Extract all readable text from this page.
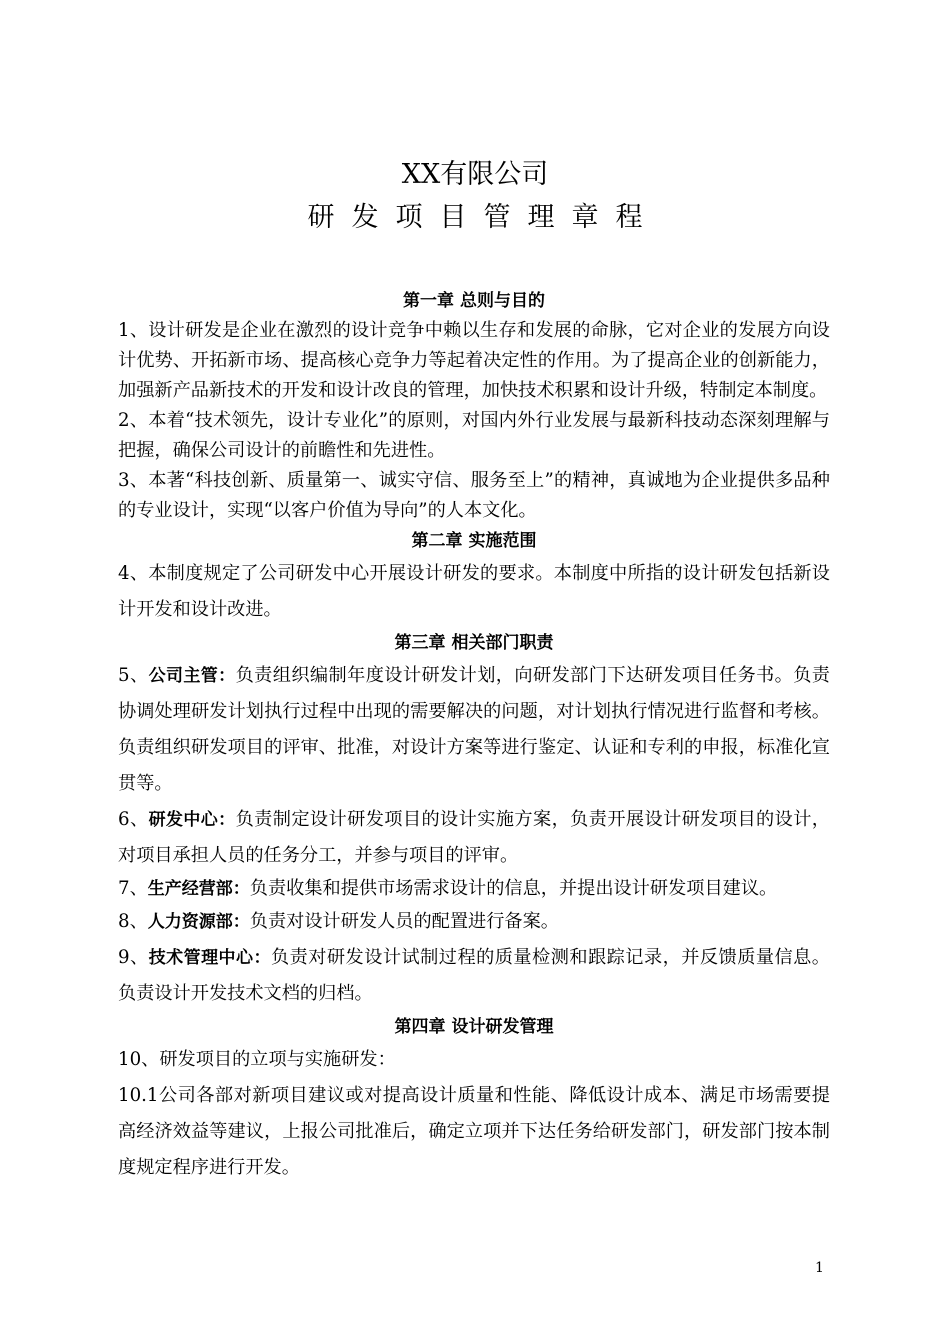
XX有限公司
研发项目管理章程
第一章 总则与目的
1、设计研发是企业在激烈的设计竞争中赖以生存和发展的命脉，它对企业的发展方向设计优势、开拓新市场、提高核心竞争力等起着决定性的作用。为了提高企业的创新能力，加强新产品新技术的开发和设计改良的管理，加快技术积累和设计升级，特制定本制度。
2、本着“技术领先，设计专业化”的原则，对国内外行业发展与最新科技动态深刻理解与把握，确保公司设计的前瞻性和先进性。
3、本著“科技创新、质量第一、诚实守信、服务至上”的精神，真诚地为企业提供多品种的专业设计，实现“以客户价值为导向”的人本文化。
第二章 实施范围
4、本制度规定了公司研发中心开展设计研发的要求。本制度中所指的设计研发包括新设计开发和设计改进。
第三章 相关部门职责
5、公司主管：负责组织编制年度设计研发计划，向研发部门下达研发项目任务书。负责协调处理研发计划执行过程中出现的需要解决的问题，对计划执行情况进行监督和考核。负责组织研发项目的评审、批准，对设计方案等进行鉴定、认证和专利的申报，标准化宣贯等。
6、研发中心：负责制定设计研发项目的设计实施方案，负责开展设计研发项目的设计，对项目承担人员的任务分工，并参与项目的评审。
7、生产经营部：负责收集和提供市场需求设计的信息，并提出设计研发项目建议。
8、人力资源部：负责对设计研发人员的配置进行备案。
9、技术管理中心：负责对研发设计试制过程的质量检测和跟踪记录，并反馈质量信息。负责设计开发技术文档的归档。
第四章 设计研发管理
10、研发项目的立项与实施研发：
10.1公司各部对新项目建议或对提高设计质量和性能、降低设计成本、满足市场需要提高经济效益等建议，上报公司批准后，确定立项并下达任务给研发部门，研发部门按本制度规定程序进行开发。
1
